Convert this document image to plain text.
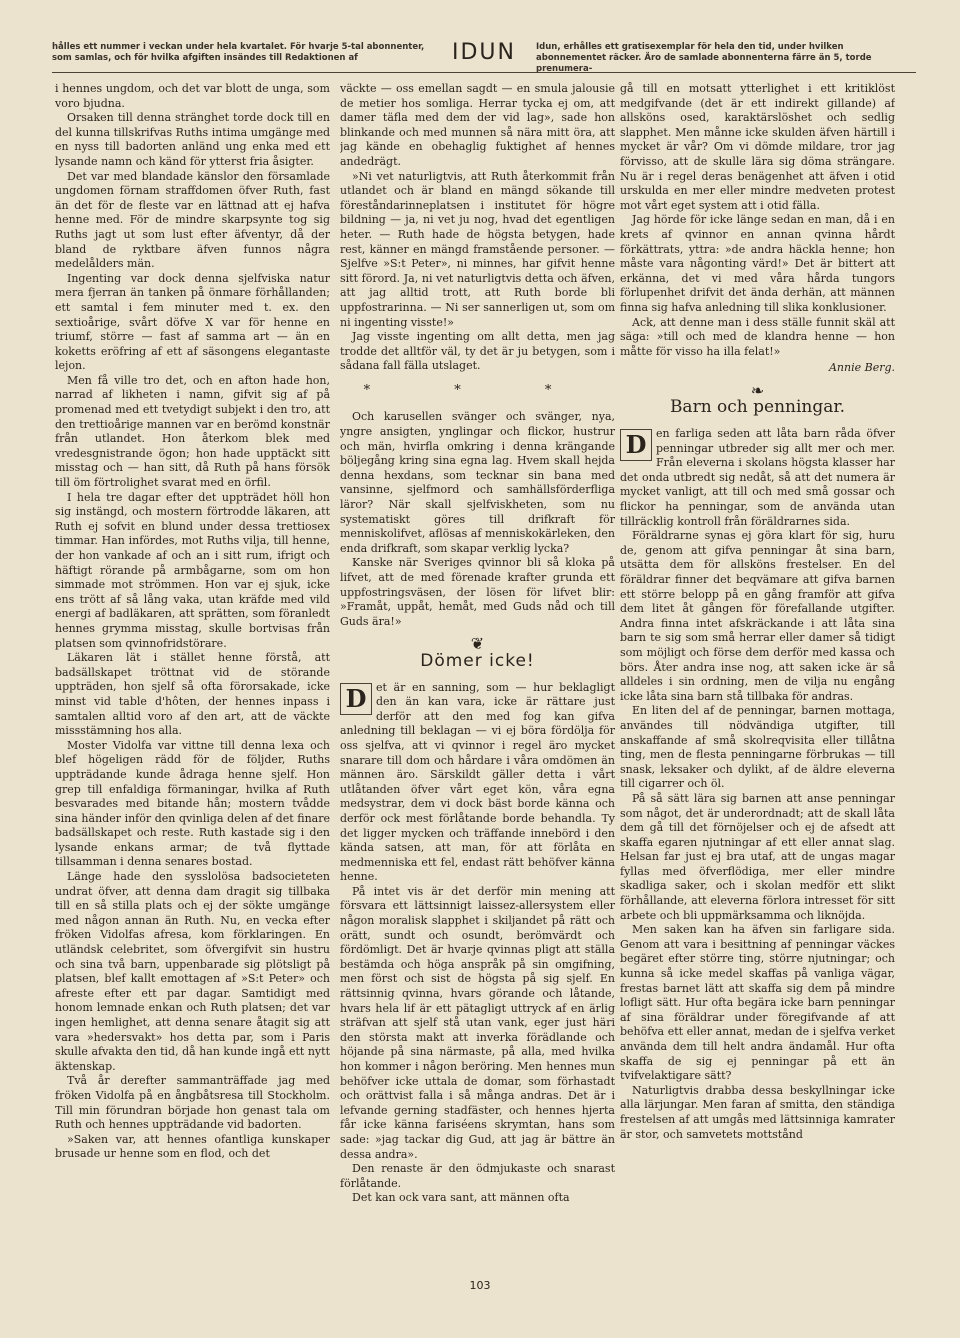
hålles ett nummer i veckan under hela kvartalet. För hvarje 5-tal abonnenter, som samlas, och för hvilka afgiften insändes till Redaktionen af	IDUN	Idun, erhålles ett gratisexemplar för hela den tid, under hvilken abonnementet räcker. Äro de samlade abonnenterna färre än 5, torde prenumera-

i hennes ungdom, och det var blott de unga, som voro bjudna.

Orsaken till denna stränghet torde dock till en del kunna tillskrifvas Ruths intima umgänge med en nyss till badorten anländ ung enka med ett lysande namn och känd för ytterst fria åsigter.

Det var med blandade känslor den församlade ungdomen förnam straffdomen öfver Ruth, fast än det för de fleste var en lättnad att ej hafva henne med. För de mindre skarpsynte tog sig Ruths jagt ut som lust efter äfventyr, då der bland de ryktbare äfven funnos några medelålders män.

Ingenting var dock denna sjelfviska natur mera fjerran än tanken på önmare förhållanden; ett samtal i fem minuter med t. ex. den sextioårige, svårt döfve X var för henne en triumf, större — fast af samma art — än en koketts eröfring af ett af säsongens elegantaste lejon.

Men få ville tro det, och en afton hade hon, narrad af likheten i namn, gifvit sig af på promenad med ett tvetydigt subjekt i den tro, att den trettioårige mannen var en berömd konstnär från utlandet. Hon återkom blek med vredesgnistrande ögon; hon hade upptäckt sitt misstag och — han sitt, då Ruth på hans försök till öm förtrolighet svarat med en örfil.

I hela tre dagar efter det uppträdet höll hon sig instängd, och mostern förtrodde läkaren, att Ruth ej sofvit en blund under dessa trettiosex timmar. Han infördes, mot Ruths vilja, till henne, der hon vankade af och an i sitt rum, ifrigt och häftigt rörande på armbågarne, som om hon simmade mot strömmen. Hon var ej sjuk, icke ens trött af så lång vaka, utan kräfde med vild energi af badläkaren, att sprätten, som föranledt hennes grymma misstag, skulle bortvisas från platsen som qvinnofridstörare.

Läkaren lät i stället henne förstå, att badsällskapet tröttnat vid de störande uppträden, hon sjelf så ofta förorsakade, icke minst vid table d'hôten, der hennes inpass i samtalen alltid voro af den art, att de väckte missstämning hos alla.

Moster Vidolfa var vittne till denna lexa och blef högeligen rädd för de följder, Ruths uppträdande kunde ådraga henne sjelf. Hon grep till enfaldiga förmaningar, hvilka af Ruth besvarades med bitande hån; mostern tvådde sina händer inför den qvinliga delen af det finare badsällskapet och reste. Ruth kastade sig i den lysande enkans armar; de två flyttade tillsamman i denna senares bostad.

Länge hade den sysslolösa badsocieteten undrat öfver, att denna dam dragit sig tillbaka till en så stilla plats och ej der sökte umgänge med någon annan än Ruth. Nu, en vecka efter fröken Vidolfas afresa, kom förklaringen. En utländsk celebritet, som öfvergifvit sin hustru och sina två barn, uppenbarade sig plötsligt på platsen, blef kallt emottagen af »S:t Peter» och afreste efter ett par dagar. Samtidigt med honom lemnade enkan och Ruth platsen; det var ingen hemlighet, att denna senare åtagit sig att vara »hedersvakt» hos detta par, som i Paris skulle afvakta den tid, då han kunde ingå ett nytt äktenskap.

Två år derefter sammanträffade jag med fröken Vidolfa på en ångbåtsresa till Stockholm. Till min förundran började hon genast tala om Ruth och hennes uppträdande vid badorten.

»Saken var, att hennes ofantliga kunskaper brusade ur henne som en flod, och det

väckte — oss emellan sagdt — en smula jalousie de metier hos somliga. Herrar tycka ej om, att damer täfla med dem der vid lag», sade hon blinkande och med munnen så nära mitt öra, att jag kände en obehaglig fuktighet af hennes andedrägt.

»Ni vet naturligtvis, att Ruth återkommit från utlandet och är bland en mängd sökande till föreståndarinneplatsen i institutet för högre bildning — ja, ni vet ju nog, hvad det egentligen heter. — Ruth hade de högsta betygen, hade rest, känner en mängd framstående personer. — Sjelfve »S:t Peter», ni minnes, har gifvit henne sitt förord. Ja, ni vet naturligtvis detta och äfven, att jag alltid trott, att Ruth borde bli uppfostrarinna. — Ni ser sannerligen ut, som om ni ingenting visste!»

Jag visste ingenting om allt detta, men jag trodde det alltför väl, ty det är ju betygen, som i sådana fall fälla utslaget.

* * *

Och karusellen svänger och svänger, nya, yngre ansigten, ynglingar och flickor, hustrur och män, hvirfla omkring i denna krängande böljegång kring sina egna lag. Hvem skall hejda denna hexdans, som tecknar sin bana med vansinne, sjelfmord och samhällsförderfliga läror? När skall sjelfviskheten, som nu systematiskt göres till drifkraft för menniskolifvet, aflösas af menniskokärleken, den enda drifkraft, som skapar verklig lycka?

Kanske när Sveriges qvinnor bli så kloka på lifvet, att de med förenade krafter grunda ett uppfostringsväsen, der lösen för lifvet blir: »Framåt, uppåt, hemåt, med Guds nåd och till Guds ära!»

❦
Dömer icke!

D et är en sanning, som — hur beklagligt den än kan vara, icke är rättare just derför att den med fog kan gifva anledning till beklagan — vi ej böra fördölja för oss sjelfva, att vi qvinnor i regel äro mycket snarare till dom och hårdare i våra omdömen än männen äro. Särskildt gäller detta i vårt utlåtanden öfver vårt eget kön, våra egna medsystrar, dem vi dock bäst borde känna och derför ock mest förlåtande borde behandla. Ty det ligger mycken och träffande innebörd i den kända satsen, att man, för att förlåta en medmenniska ett fel, endast rätt behöfver känna henne.

På intet vis är det derför min mening att försvara ett lättsinnigt laissez-allersystem eller någon moralisk slapphet i skiljandet på rätt och orätt, sundt och osundt, berömvärdt och fördömligt. Det är hvarje qvinnas pligt att ställa bestämda och höga anspråk på sin omgifning, men först och sist de högsta på sig sjelf. En rättsinnig qvinna, hvars görande och låtande, hvars hela lif är ett pätagligt uttryck af en ärlig sträfvan att sjelf stå utan vank, eger just häri den största makt att inverka förädlande och höjande på sina närmaste, på alla, med hvilka hon kommer i någon beröring. Men hennes mun behöfver icke uttala de domar, som förhastadt och orättvist falla i så många andras. Det är i lefvande gerning stadfäster, och hennes hjerta får icke känna fariséens skrymtan, hans som sade: »jag tackar dig Gud, att jag är bättre än dessa andra».

Den renaste är den ödmjukaste och snarast förlåtande.

Det kan ock vara sant, att männen ofta

gå till en motsatt ytterlighet i ett kritiklöst medgifvande (det är ett indirekt gillande) af allsköns osed, karaktärslöshet och sedlig slapphet. Men månne icke skulden äfven härtill i mycket är vår? Om vi dömde mildare, tror jag förvisso, att de skulle lära sig döma strängare. Nu är i regel deras benägenhet att äfven i otid urskulda en mer eller mindre medveten protest mot vårt eget system att i otid fälla.

Jag hörde för icke länge sedan en man, då i en krets af qvinnor en annan qvinna hårdt förkättrats, yttra: »de andra häckla henne; hon måste vara någonting värd!» Det är bittert att erkänna, det vi med våra hårda tungors förlupenhet drifvit det ända derhän, att männen finna sig hafva anledning till slika konklusioner.

Ack, att denne man i dess ställe funnit skäl att säga: »till och med de klandra henne — hon måtte för visso ha illa felat!»

Annie Berg.
❧
Barn och penningar.

D en farliga seden att låta barn råda öfver penningar utbreder sig allt mer och mer. Från eleverna i skolans högsta klasser har det onda utbredt sig nedåt, så att det numera är mycket vanligt, att till och med små gossar och flickor ha penningar, som de använda utan tillräcklig kontroll från föräldrarnes sida.

Föräldrarne synas ej göra klart för sig, huru de, genom att gifva penningar åt sina barn, utsätta dem för allsköns frestelser. En del föräldrar finner det beqvämare att gifva barnen ett större belopp på en gång framför att gifva dem litet åt gången för förefallande utgifter. Andra finna intet afskräckande i att låta sina barn te sig som små herrar eller damer så tidigt som möjligt och förse dem derför med kassa och börs. Åter andra inse nog, att saken icke är så alldeles i sin ordning, men de vilja nu engång icke låta sina barn stå tillbaka för andras.

En liten del af de penningar, barnen mottaga, användes till nödvändiga utgifter, till anskaffande af små skolreqvisita eller tillåtna ting, men de flesta penningarne förbrukas — till snask, leksaker och dylikt, af de äldre eleverna till cigarrer och öl.

På så sätt lära sig barnen att anse penningar som något, det är underordnadt; att de skall låta dem gå till det förnöjelser och ej de afsedt att skaffa egaren njutningar af ett eller annat slag. Helsan far just ej bra utaf, att de ungas magar fyllas med öfverflödiga, mer eller mindre skadliga saker, och i skolan medför ett slikt förhållande, att eleverna förlora intresset för sitt arbete och bli uppmärksamma och liknöjda.

Men saken kan ha äfven sin farligare sida. Genom att vara i besittning af penningar väckes begäret efter större ting, större njutningar; och kunna så icke medel skaffas på vanliga vägar, frestas barnet lätt att skaffa sig dem på mindre lofligt sätt. Hur ofta begära icke barn penningar af sina föräldrar under föregifvande af att behöfva ett eller annat, medan de i sjelfva verket använda dem till helt andra ändamål. Hur ofta skaffa de sig ej penningar på ett än tvifvelaktigare sätt?

Naturligtvis drabba dessa beskyllningar icke alla lärjungar. Men faran af smitta, den ständiga frestelsen af att umgås med lättsinniga kamrater är stor, och samvetets mottstånd

103
